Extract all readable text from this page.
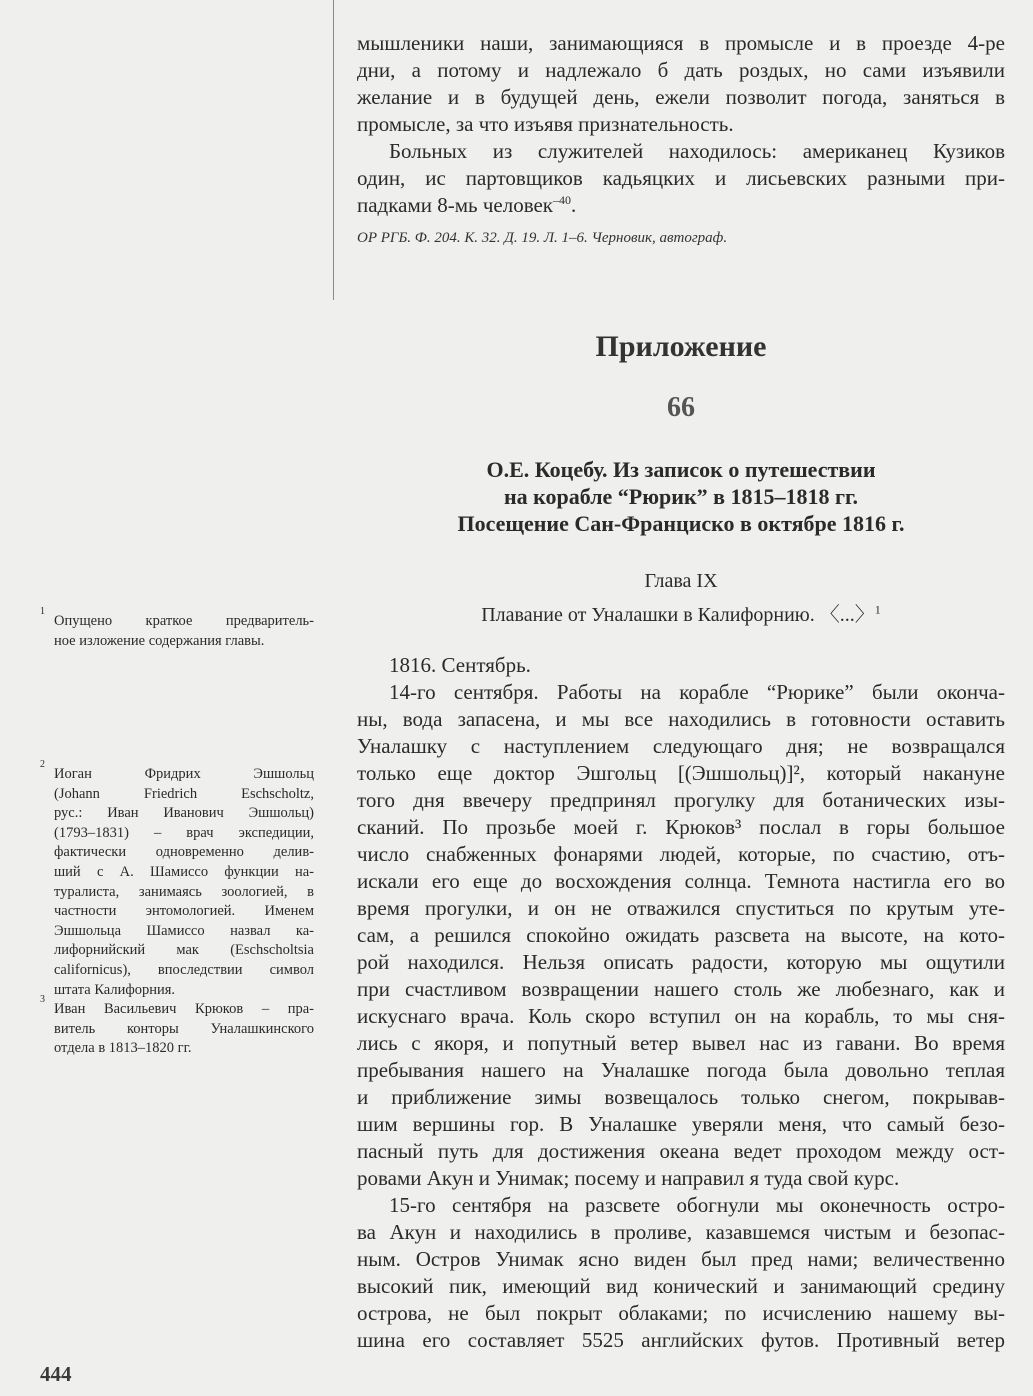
мышленики наши, занимающияся в промысле и в проезде 4-ре
дни, а потому и надлежало б дать роздых, но сами изъявили
желание и в будущей день, ежели позволит погода, заняться в
промысле, за что изъявя признательность.
Больных из служителей находилось: американец Кузиков
один, ис партовщиков кадьяцких и лисьевских разными при-
падками 8-мь человек$^{-40}$.
ОР РГБ. Ф. 204. К. 32. Д. 19. Л. 1–6. Черновик, автограф.
Приложение
66
О.Е. Коцебу. Из записок о путешествии
на корабле “Рюрик” в 1815–1818 гг.
Посещение Сан-Франциско в октябре 1816 г.
Глава IX
Плавание от Уналашки в Калифорнию. 〈...〉$^1$
1816. Сентябрь.
14-го сентября. Работы на корабле “Рюрике” были оконча-
ны, вода запасена, и мы все находились в готовности оставить
Уналашку с наступлением следующаго дня; не возвращался
только еще доктор Эшгольц [(Эшшольц)]², который накануне
того дня ввечеру предпринял прогулку для ботанических изы-
сканий. По прозьбе моей г. Крюков³ послал в горы большое
число снабженных фонарями людей, которые, по счастию, отъ-
искали его еще до восхождения солнца. Темнота настигла его во
время прогулки, и он не отважился спуститься по крутым уте-
сам, а решился спокойно ожидать разсвета на высоте, на кото-
рой находился. Нельзя описать радости, которую мы ощутили
при счастливом возвращении нашего столь же любезнаго, как и
искуснаго врача. Коль скоро вступил он на корабль, то мы сня-
лись с якоря, и попутный ветер вывел нас из гавани. Во время
пребывания нашего на Уналашке погода была довольно теплая
и приближение зимы возвещалось только снегом, покрывав-
шим вершины гор. В Уналашке уверяли меня, что самый безо-
пасный путь для достижения океана ведет проходом между ост-
ровами Акун и Унимак; посему и направил я туда свой курс.
15-го сентября на разсвете обогнули мы оконечность остро-
ва Акун и находились в проливе, казавшемся чистым и безопас-
ным. Остров Унимак ясно виден был пред нами; величественно
высокий пик, имеющий вид конический и занимающий средину
острова, не был покрыт облаками; по исчислению нашему вы-
шина его составляет 5525 английских футов. Противный ветер
1
Опущено краткое предваритель-
ное изложение содержания главы.
2
Иоган Фридрих Эшшольц
(Johann Friedrich Eschscholtz,
рус.: Иван Иванович Эшшольц)
(1793–1831) – врач экспедиции,
фактически одновременно делив-
ший с А. Шамиссо функции на-
туралиста, занимаясь зоологией, в
частности энтомологией. Именем
Эшшольца Шамиссо назвал ка-
лифорнийский мак (Eschscholtsia
californicus), впоследствии символ
штата Калифорния.
3
Иван Васильевич Крюков – пра-
витель конторы Уналашкинского
отдела в 1813–1820 гг.
444
